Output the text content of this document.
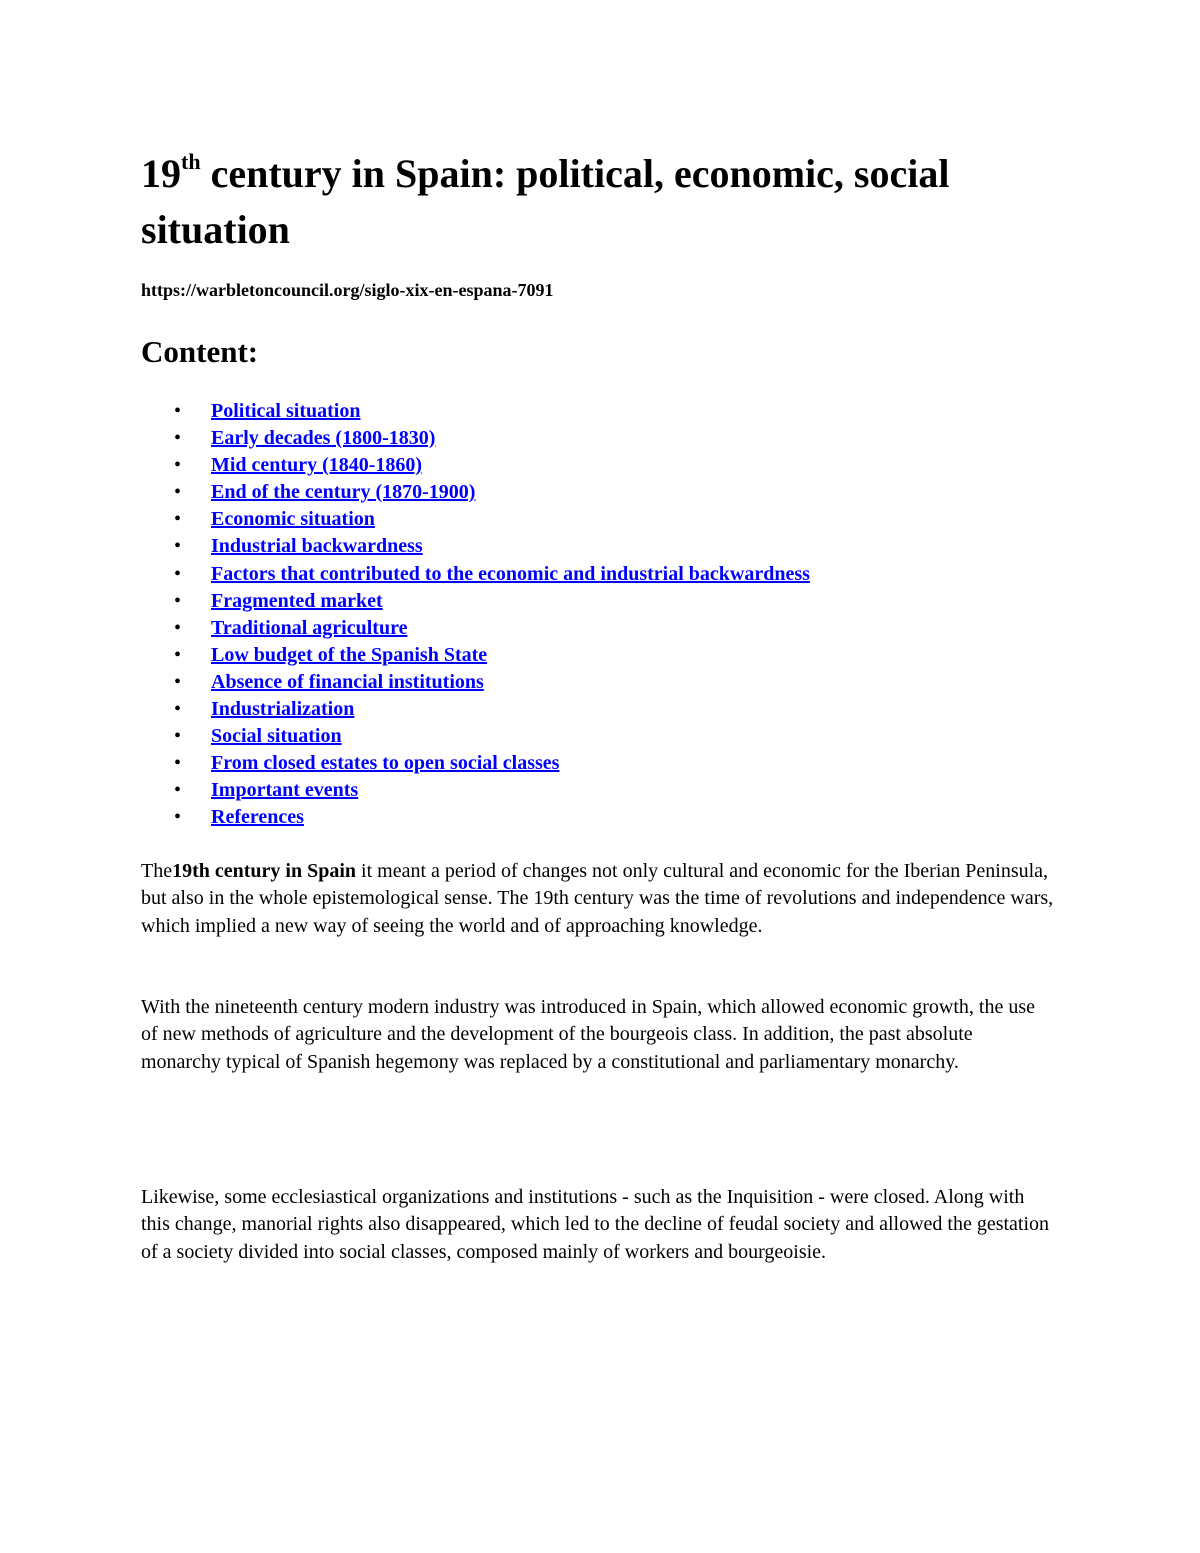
19th century in Spain: political, economic, social situation

https://warbletoncouncil.org/siglo-xix-en-espana-7091

Content:
• Political situation
• Early decades (1800-1830)
• Mid century (1840-1860)
• End of the century (1870-1900)
• Economic situation
• Industrial backwardness
• Factors that contributed to the economic and industrial backwardness
• Fragmented market
• Traditional agriculture
• Low budget of the Spanish State
• Absence of financial institutions
• Industrialization
• Social situation
• From closed estates to open social classes
• Important events
• References

The19th century in Spain it meant a period of changes not only cultural and economic for the Iberian Peninsula, but also in the whole epistemological sense. The 19th century was the time of revolutions and independence wars, which implied a new way of seeing the world and of approaching knowledge.

With the nineteenth century modern industry was introduced in Spain, which allowed economic growth, the use of new methods of agriculture and the development of the bourgeois class. In addition, the past absolute monarchy typical of Spanish hegemony was replaced by a constitutional and parliamentary monarchy.

Likewise, some ecclesiastical organizations and institutions - such as the Inquisition - were closed. Along with this change, manorial rights also disappeared, which led to the decline of feudal society and allowed the gestation of a society divided into social classes, composed mainly of workers and bourgeoisie.
